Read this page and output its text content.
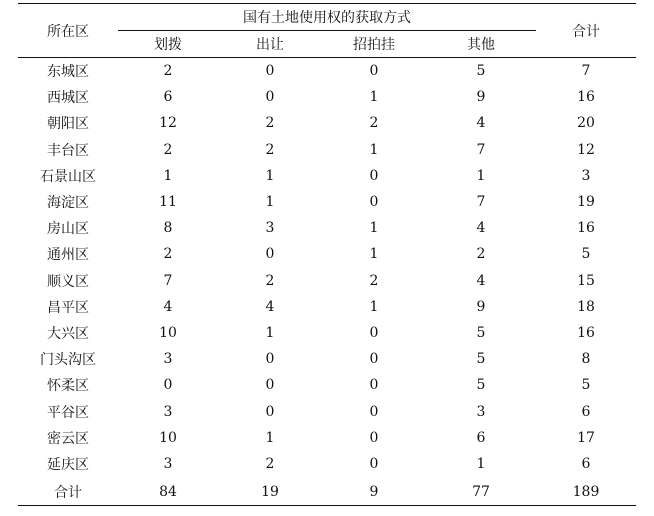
所在区	国有土地使用权的获取方式				合计
	划拨	出让	招拍挂	其他	
东城区	2	0	0	5	7
西城区	6	0	1	9	16
朝阳区	12	2	2	4	20
丰台区	2	2	1	7	12
石景山区	1	1	0	1	3
海淀区	11	1	0	7	19
房山区	8	3	1	4	16
通州区	2	0	1	2	5
顺义区	7	2	2	4	15
昌平区	4	4	1	9	18
大兴区	10	1	0	5	16
门头沟区	3	0	0	5	8
怀柔区	0	0	0	5	5
平谷区	3	0	0	3	6
密云区	10	1	0	6	17
延庆区	3	2	0	1	6
合计	84	19	9	77	189
